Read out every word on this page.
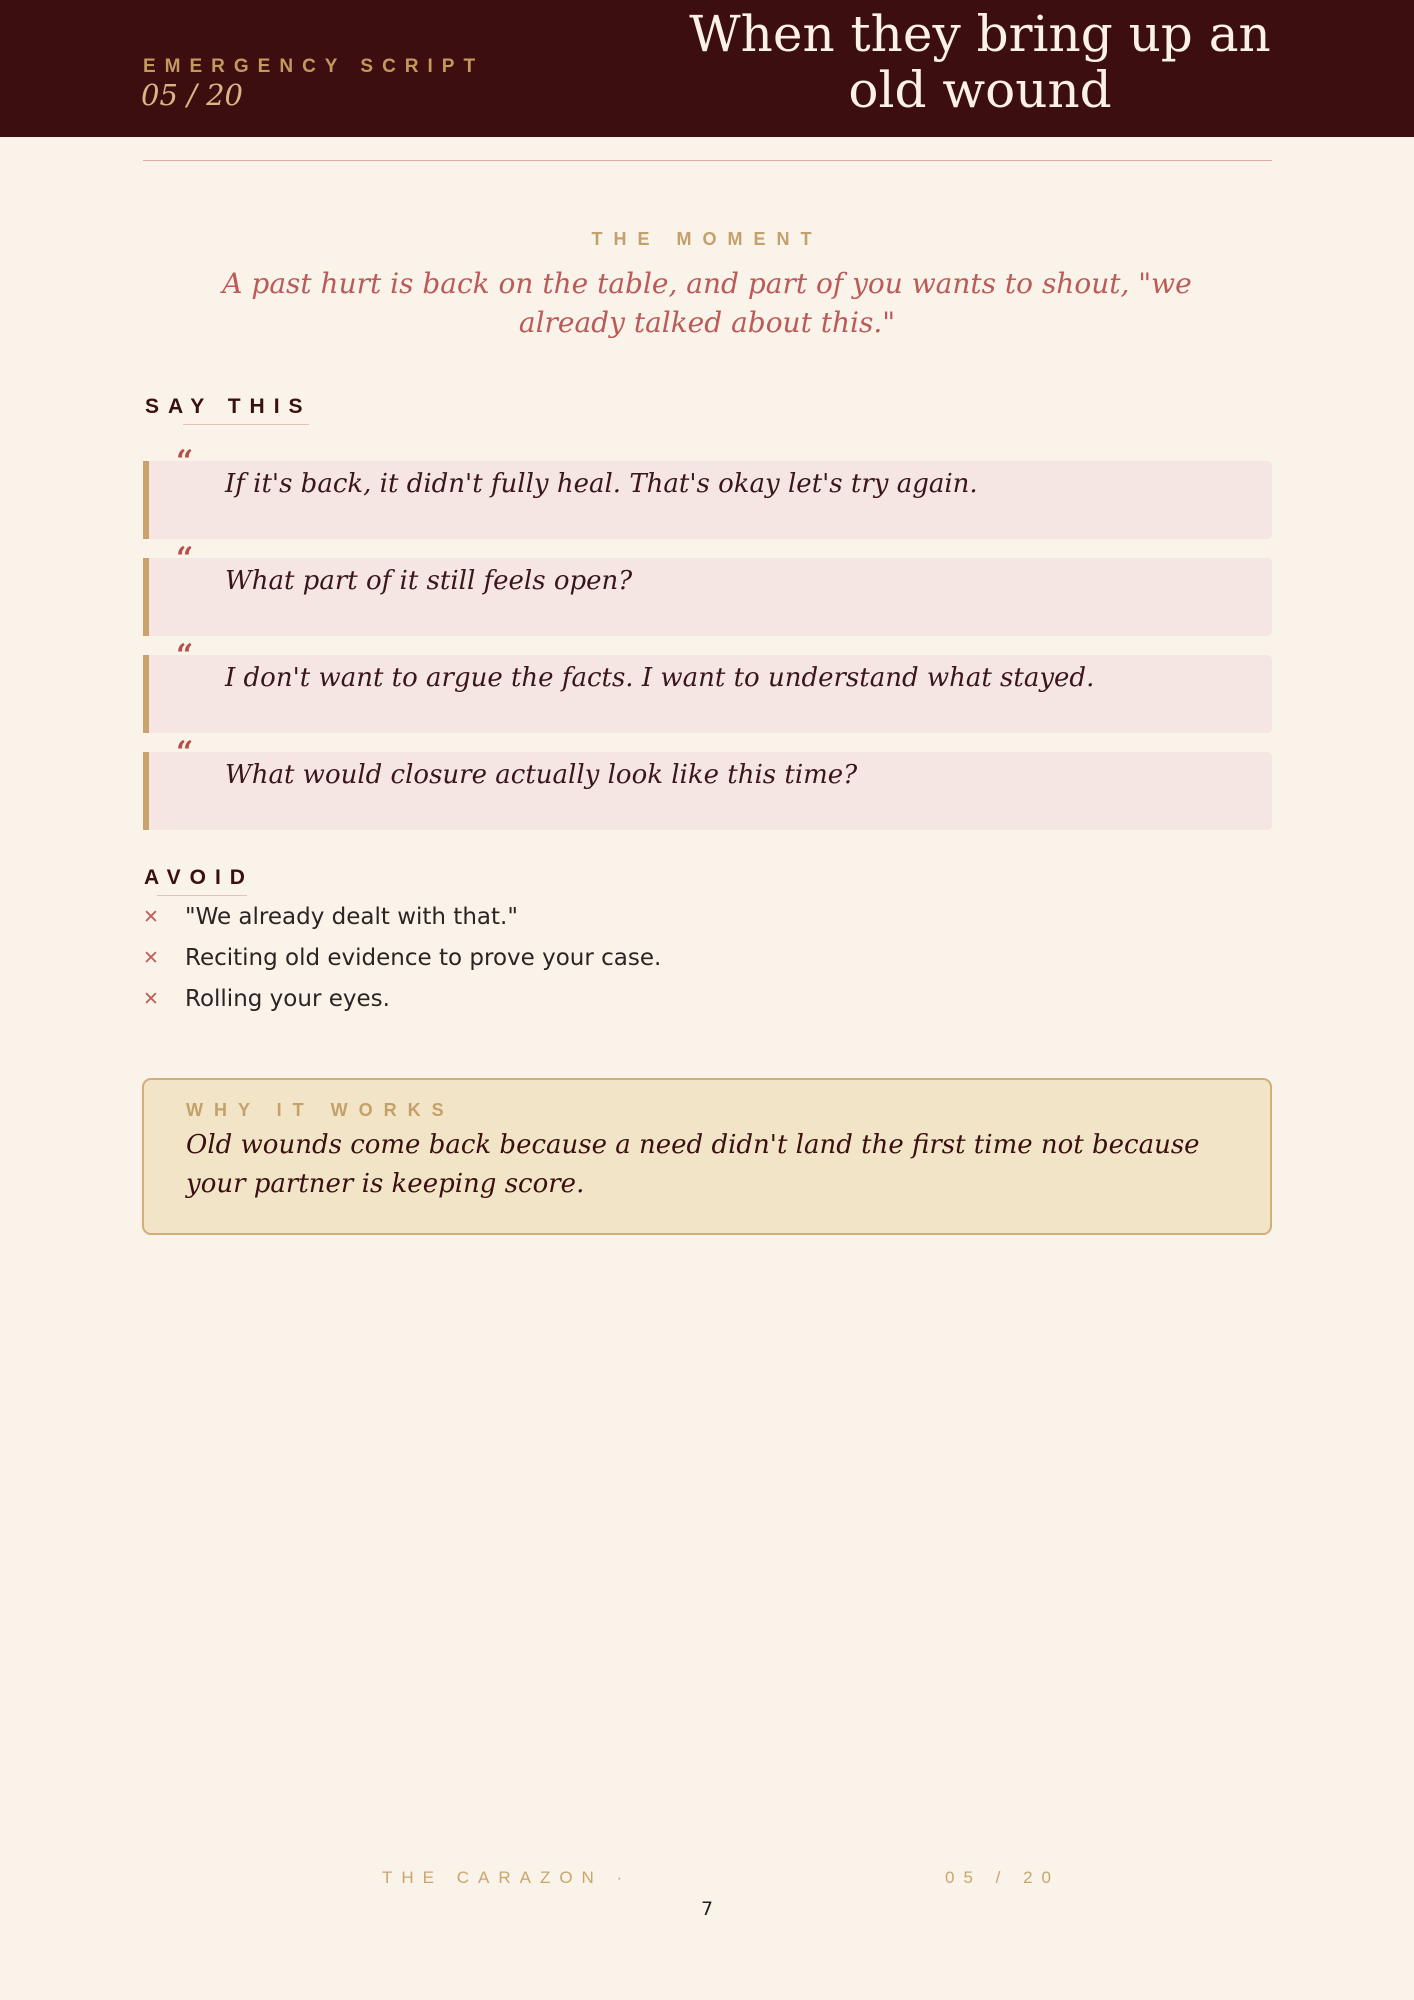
EMERGENCY SCRIPT
05 / 20
When they bring up an old wound
THE MOMENT
A past hurt is back on the table, and part of you wants to shout, "we already talked about this."
SAY THIS
“
If it's back, it didn't fully heal. That's okay let's try again.
“
What part of it still feels open?
“
I don't want to argue the facts. I want to understand what stayed.
“
What would closure actually look like this time?
AVOID
✕ "We already dealt with that."
✕ Reciting old evidence to prove your case.
✕ Rolling your eyes.
WHY IT WORKS
Old wounds come back because a need didn't land the first time not because your partner is keeping score.
THE CARAZON ·	05 / 20
7
